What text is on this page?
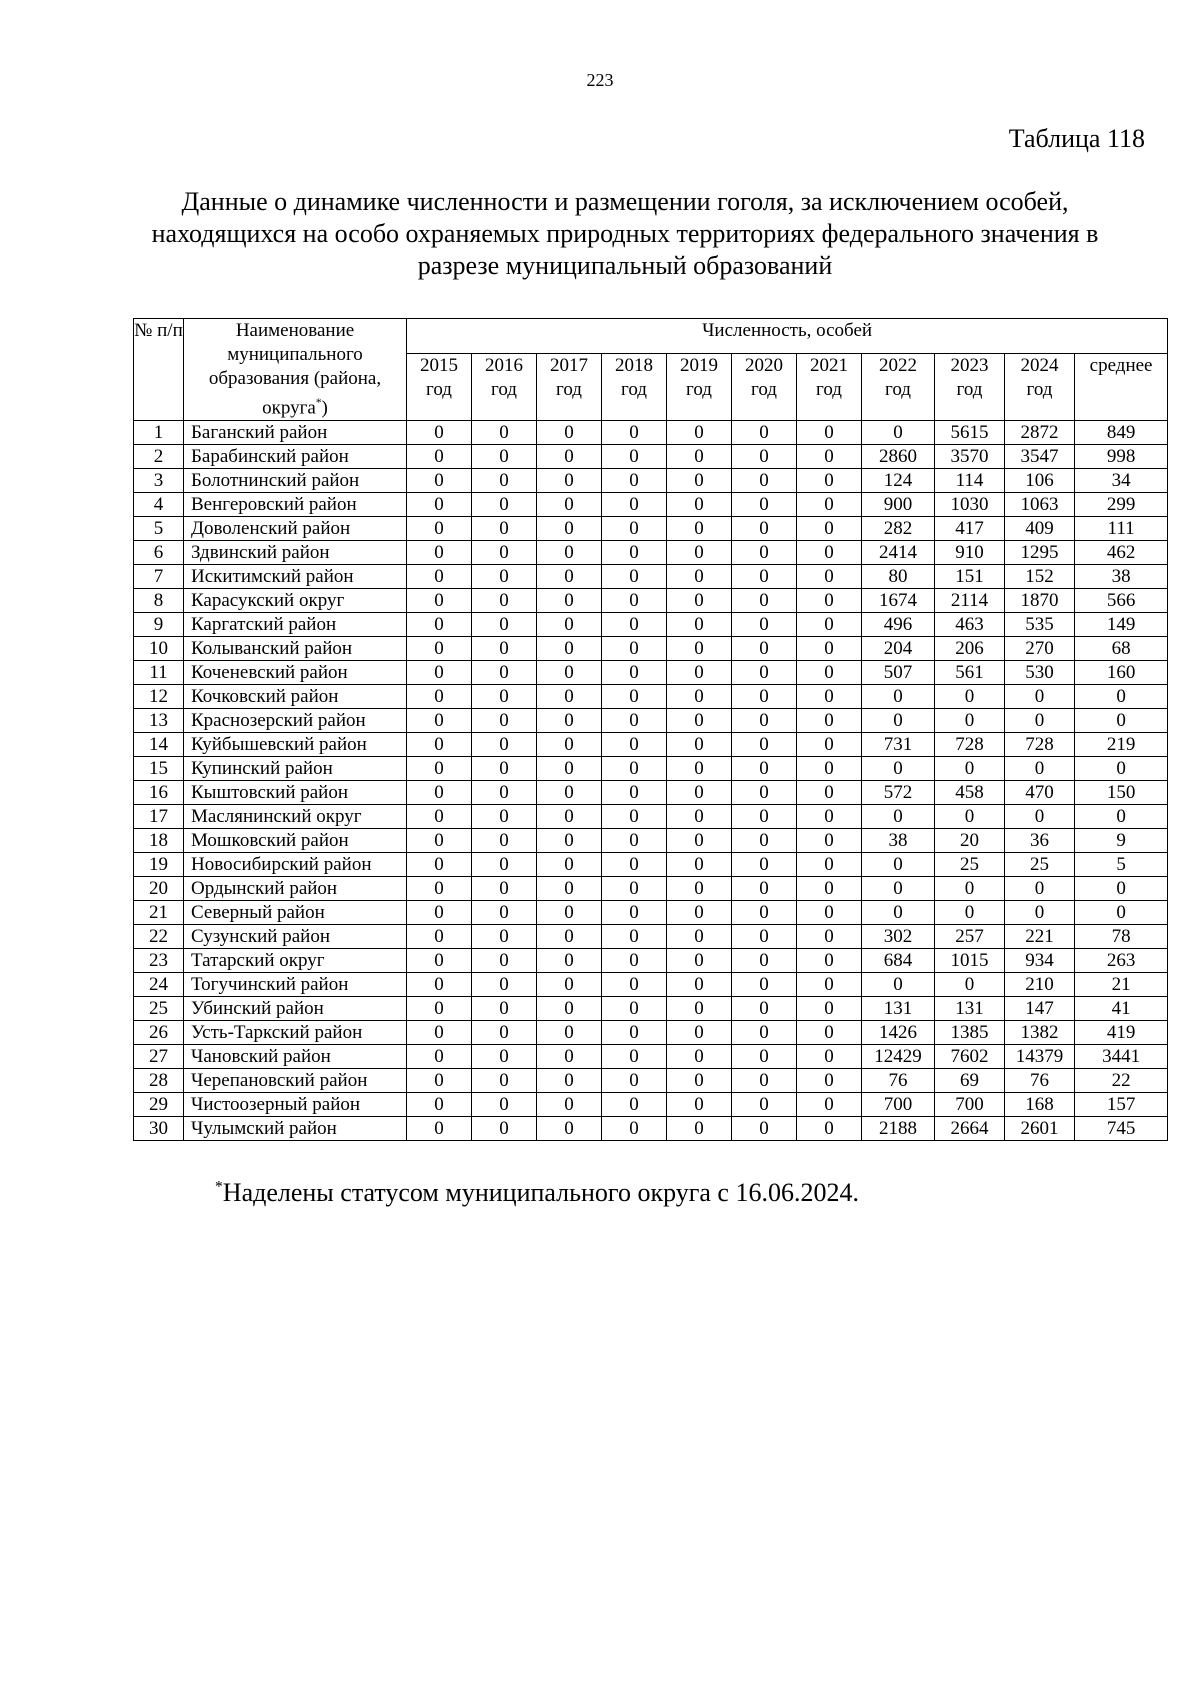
223
Таблица 118
Данные о динамике численности и размещении гоголя, за исключением особей, находящихся на особо охраняемых природных территориях федерального значения в разрезе муниципальный образований
№ п/п	Наименование муниципального образования (района, округа*)	Численность, особей										
		2015 год	2016 год	2017 год	2018 год	2019 год	2020 год	2021 год	2022 год	2023 год	2024 год	среднее
1	Баганский район	0	0	0	0	0	0	0	0	5615	2872	849
2	Барабинский район	0	0	0	0	0	0	0	2860	3570	3547	998
3	Болотнинский район	0	0	0	0	0	0	0	124	114	106	34
4	Венгеровский район	0	0	0	0	0	0	0	900	1030	1063	299
5	Доволенский район	0	0	0	0	0	0	0	282	417	409	111
6	Здвинский район	0	0	0	0	0	0	0	2414	910	1295	462
7	Искитимский район	0	0	0	0	0	0	0	80	151	152	38
8	Карасукский округ	0	0	0	0	0	0	0	1674	2114	1870	566
9	Каргатский район	0	0	0	0	0	0	0	496	463	535	149
10	Колыванский район	0	0	0	0	0	0	0	204	206	270	68
11	Коченевский район	0	0	0	0	0	0	0	507	561	530	160
12	Кочковский район	0	0	0	0	0	0	0	0	0	0	0
13	Краснозерский район	0	0	0	0	0	0	0	0	0	0	0
14	Куйбышевский район	0	0	0	0	0	0	0	731	728	728	219
15	Купинский район	0	0	0	0	0	0	0	0	0	0	0
16	Кыштовский район	0	0	0	0	0	0	0	572	458	470	150
17	Маслянинский округ	0	0	0	0	0	0	0	0	0	0	0
18	Мошковский район	0	0	0	0	0	0	0	38	20	36	9
19	Новосибирский район	0	0	0	0	0	0	0	0	25	25	5
20	Ордынский район	0	0	0	0	0	0	0	0	0	0	0
21	Северный район	0	0	0	0	0	0	0	0	0	0	0
22	Сузунский район	0	0	0	0	0	0	0	302	257	221	78
23	Татарский округ	0	0	0	0	0	0	0	684	1015	934	263
24	Тогучинский район	0	0	0	0	0	0	0	0	0	210	21
25	Убинский район	0	0	0	0	0	0	0	131	131	147	41
26	Усть-Таркский район	0	0	0	0	0	0	0	1426	1385	1382	419
27	Чановский район	0	0	0	0	0	0	0	12429	7602	14379	3441
28	Черепановский район	0	0	0	0	0	0	0	76	69	76	22
29	Чистоозерный район	0	0	0	0	0	0	0	700	700	168	157
30	Чулымский район	0	0	0	0	0	0	0	2188	2664	2601	745
*Наделены статусом муниципального округа с 16.06.2024.
